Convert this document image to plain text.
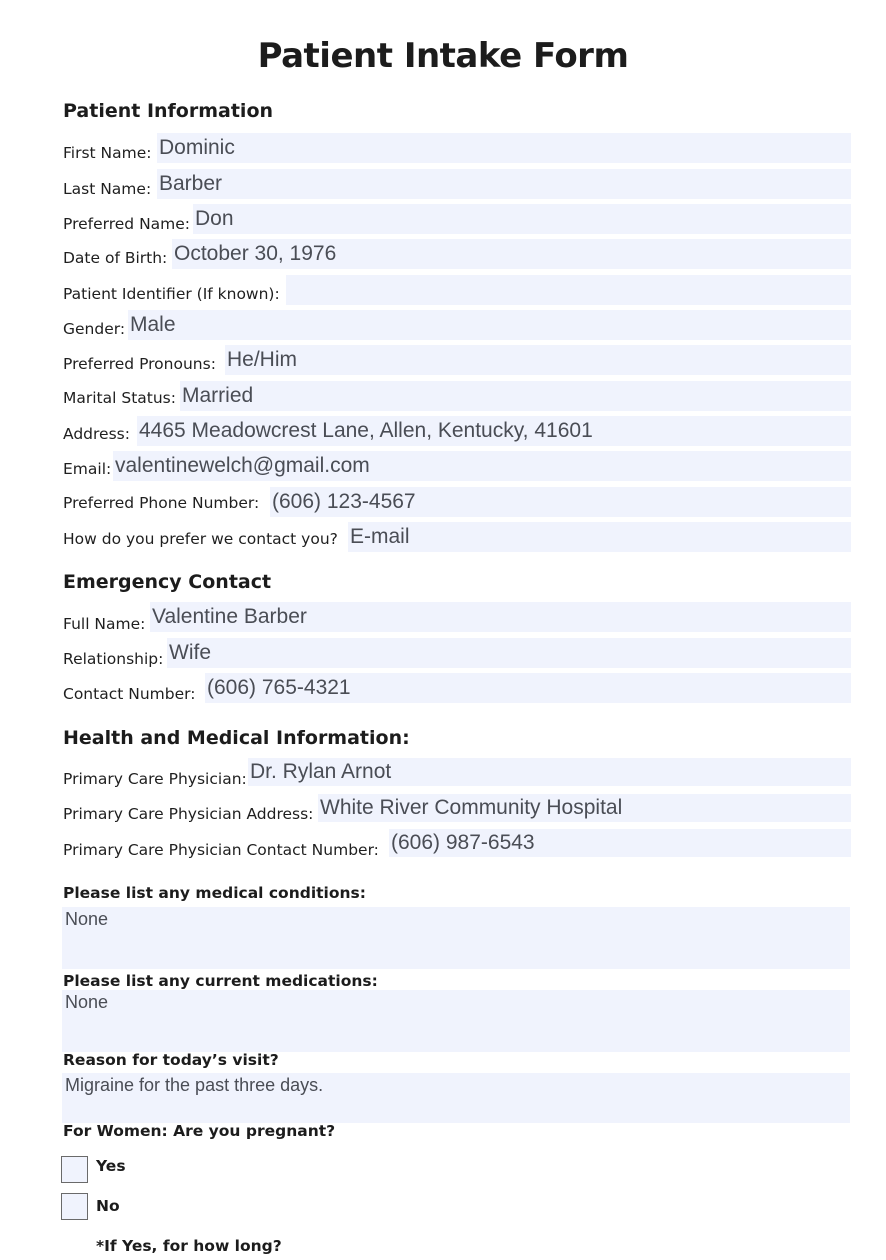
Patient Intake Form
Patient Information
First Name: Dominic
Last Name: Barber
Preferred Name: Don
Date of Birth: October 30, 1976
Patient Identifier (If known):
Gender: Male
Preferred Pronouns: He/Him
Marital Status: Married
Address: 4465 Meadowcrest Lane, Allen, Kentucky, 41601
Email: valentinewelch@gmail.com
Preferred Phone Number: (606) 123-4567
How do you prefer we contact you? E-mail
Emergency Contact
Full Name: Valentine Barber
Relationship: Wife
Contact Number: (606) 765-4321
Health and Medical Information:
Primary Care Physician: Dr. Rylan Arnot
Primary Care Physician Address: White River Community Hospital
Primary Care Physician Contact Number: (606) 987-6543
Please list any medical conditions:
None
Please list any current medications:
None
Reason for today’s visit?
Migraine for the past three days.
For Women: Are you pregnant?
Yes
No
*If Yes, for how long?
